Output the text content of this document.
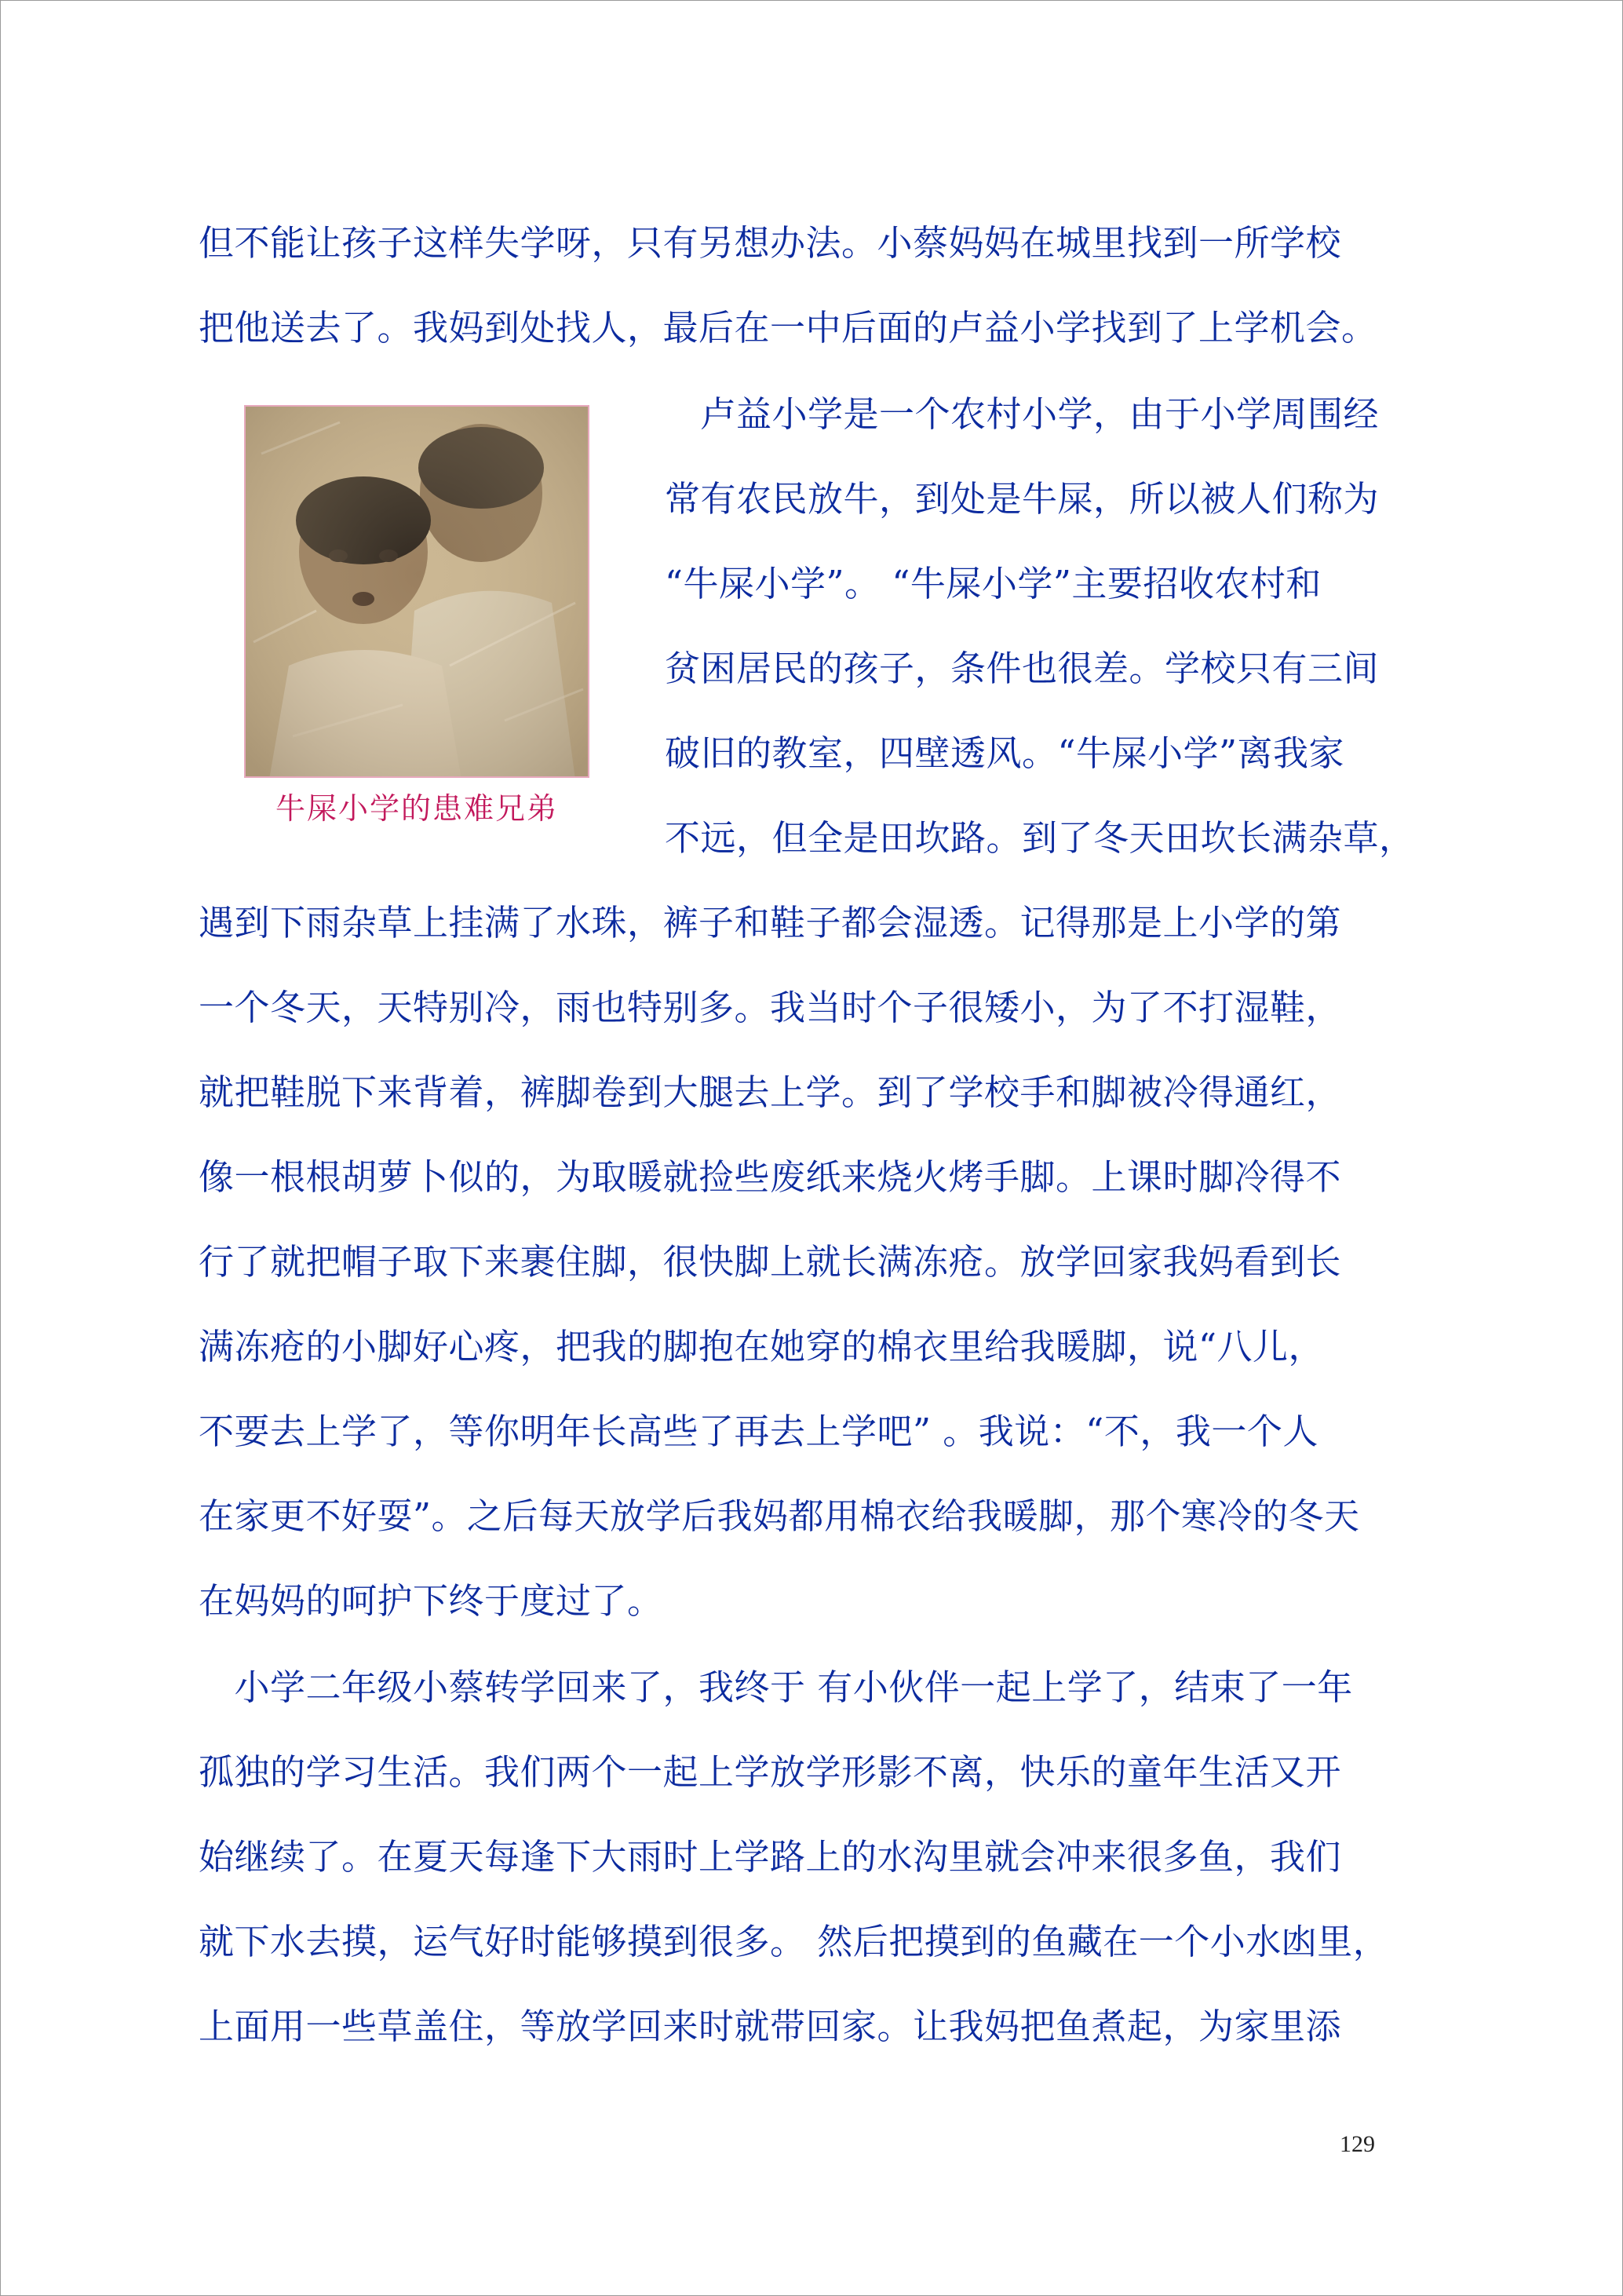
但不能让孩子这样失学呀，只有另想办法。小蔡妈妈在城里找到一所学校
把他送去了。我妈到处找人，最后在一中后面的卢益小学找到了上学机会。
牛屎小学的患难兄弟
　卢益小学是一个农村小学，由于小学周围经
常有农民放牛，到处是牛屎，所以被人们称为
“牛屎小学”。 “牛屎小学”主要招收农村和
贫困居民的孩子，条件也很差。学校只有三间
破旧的教室，四壁透风。“牛屎小学”离我家
不远，但全是田坎路。到了冬天田坎长满杂草，
遇到下雨杂草上挂满了水珠，裤子和鞋子都会湿透。记得那是上小学的第
一个冬天，天特别冷，雨也特别多。我当时个子很矮小，为了不打湿鞋，
就把鞋脱下来背着，裤脚卷到大腿去上学。到了学校手和脚被冷得通红，
像一根根胡萝卜似的，为取暖就捡些废纸来烧火烤手脚。上课时脚冷得不
行了就把帽子取下来裹住脚，很快脚上就长满冻疮。放学回家我妈看到长
满冻疮的小脚好心疼，把我的脚抱在她穿的棉衣里给我暖脚，说“八儿，
不要去上学了，等你明年长高些了再去上学吧” 。我说：“不，我一个人
在家更不好耍”。之后每天放学后我妈都用棉衣给我暖脚，那个寒冷的冬天
在妈妈的呵护下终于度过了。
　小学二年级小蔡转学回来了，我终于 有小伙伴一起上学了，结束了一年
孤独的学习生活。我们两个一起上学放学形影不离，快乐的童年生活又开
始继续了。在夏天每逢下大雨时上学路上的水沟里就会冲来很多鱼，我们
就下水去摸，运气好时能够摸到很多。 然后把摸到的鱼藏在一个小水凼里，
上面用一些草盖住，等放学回来时就带回家。让我妈把鱼煮起，为家里添
129
